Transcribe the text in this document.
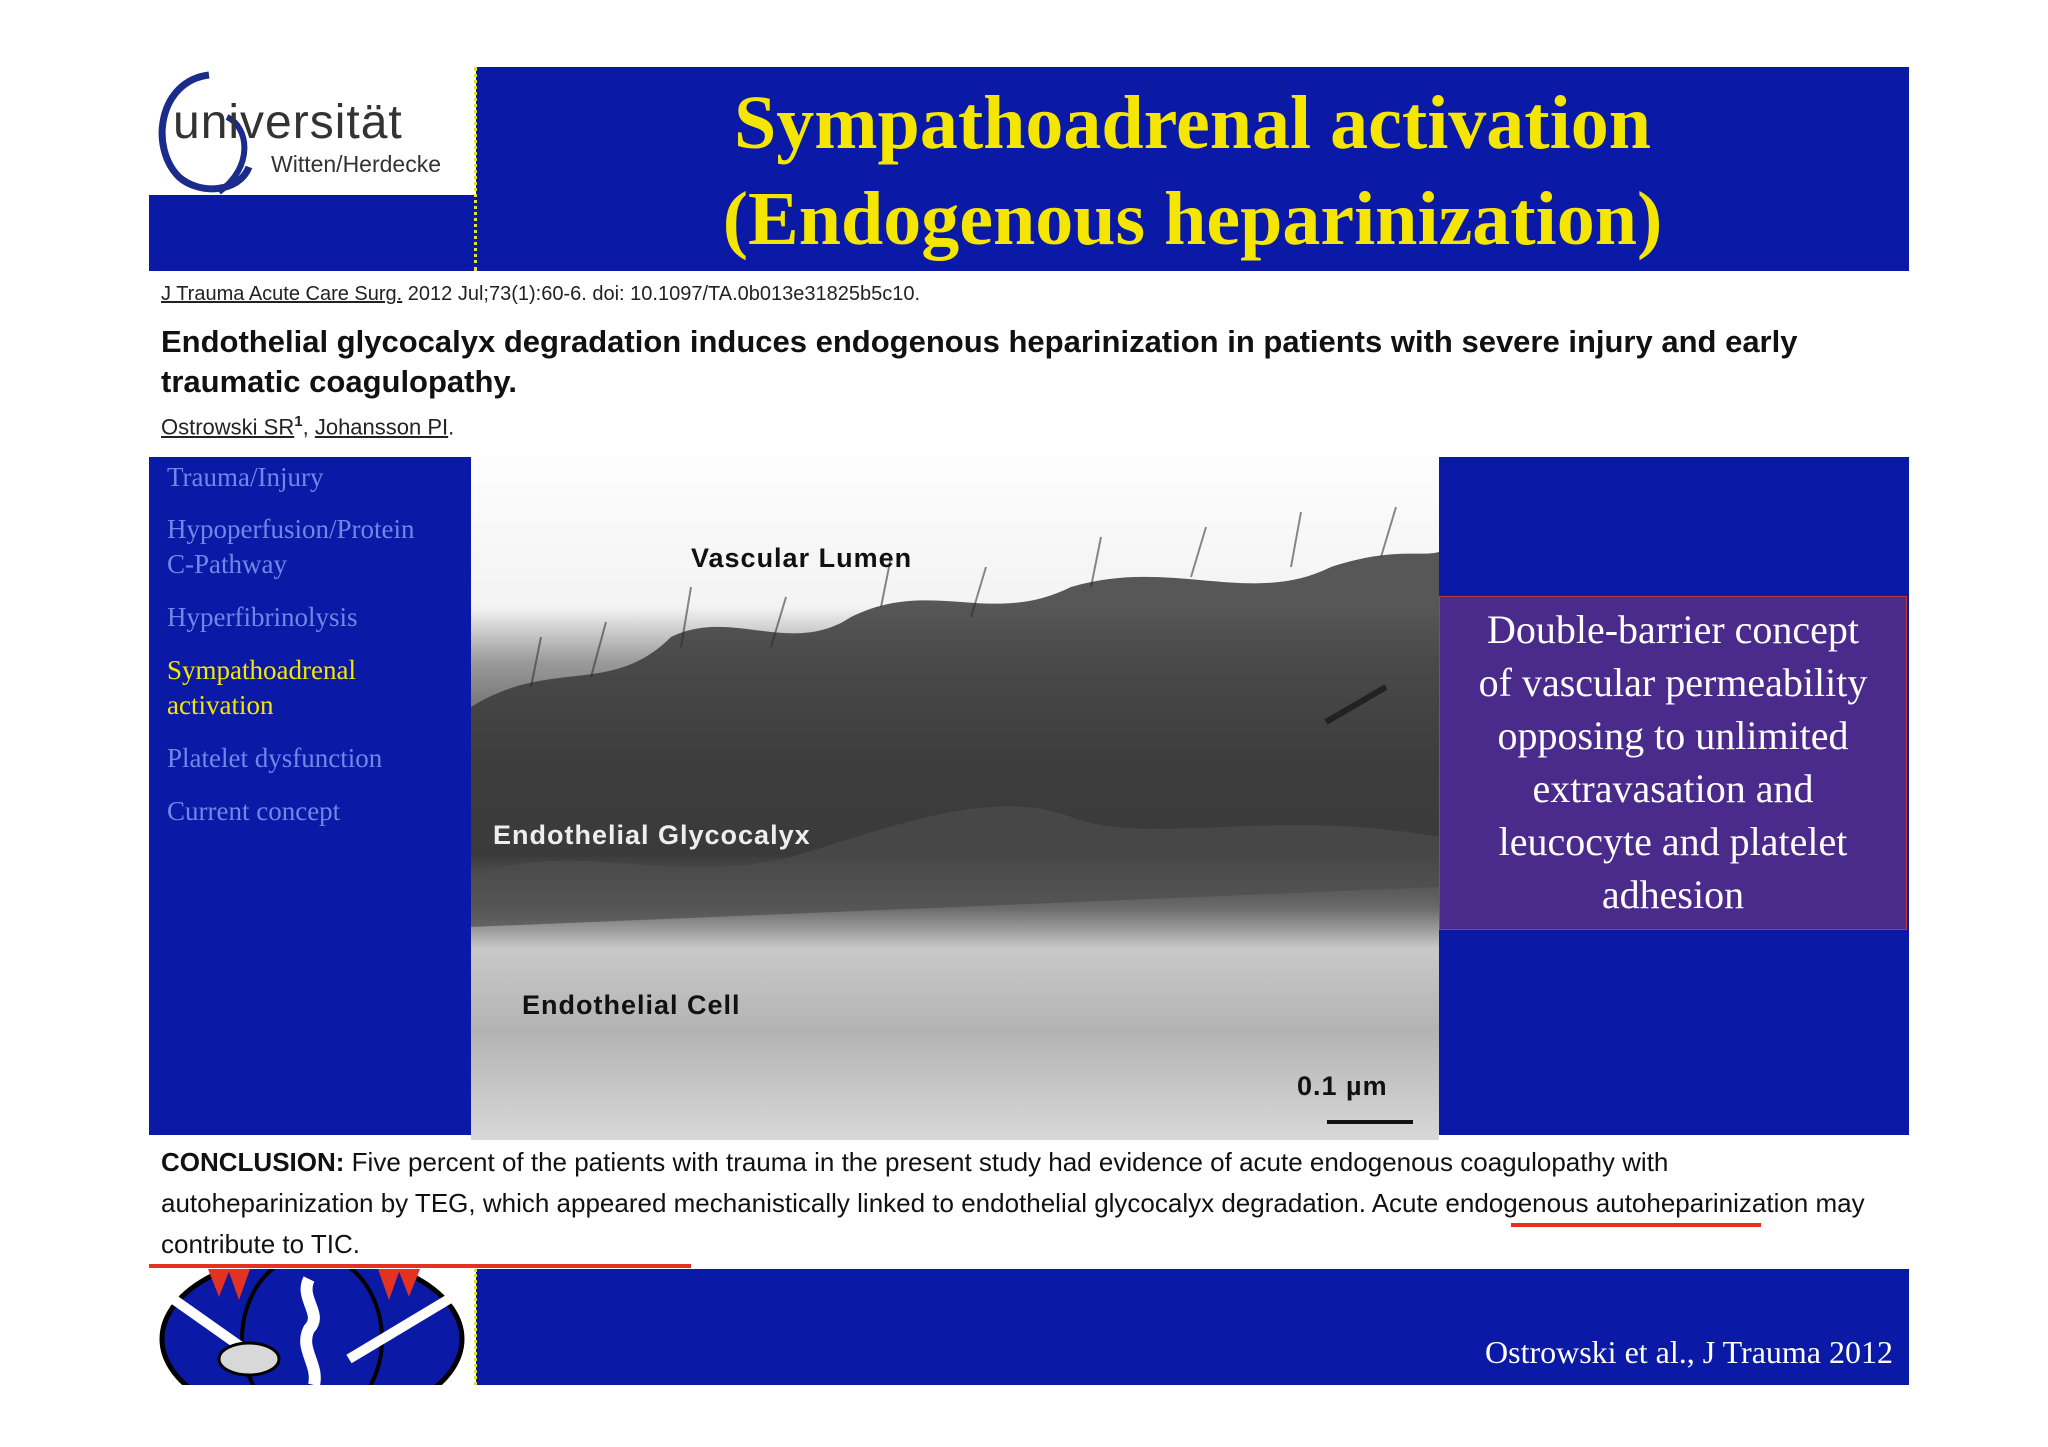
universität
Witten/Herdecke	Sympathoadrenal activation
(Endogenous heparinization)
J Trauma Acute Care Surg. 2012 Jul;73(1):60-6. doi: 10.1097/TA.0b013e31825b5c10.
Endothelial glycocalyx degradation induces endogenous heparinization in patients with severe injury and early traumatic coagulopathy.
Ostrowski $SR^1$, Johansson PI.
Trauma/Injury
Hypoperfusion/Protein
C-Pathway
Hyperfibrinolysis
Sympathoadrenal
activation
Platelet dysfunction
Current concept
Vascular Lumen
Endothelial Glycocalyx
Endothelial Cell
0.1 µm
Double-barrier concept
of vascular permeability
opposing to unlimited
extravasation and
leucocyte and platelet
adhesion
CONCLUSION: Five percent of the patients with trauma in the present study had evidence of acute endogenous coagulopathy with autoheparinization by TEG, which appeared mechanistically linked to endothelial glycocalyx degradation. Acute endogenous autoheparinization may contribute to TIC.
Ostrowski et al., J Trauma 2012
